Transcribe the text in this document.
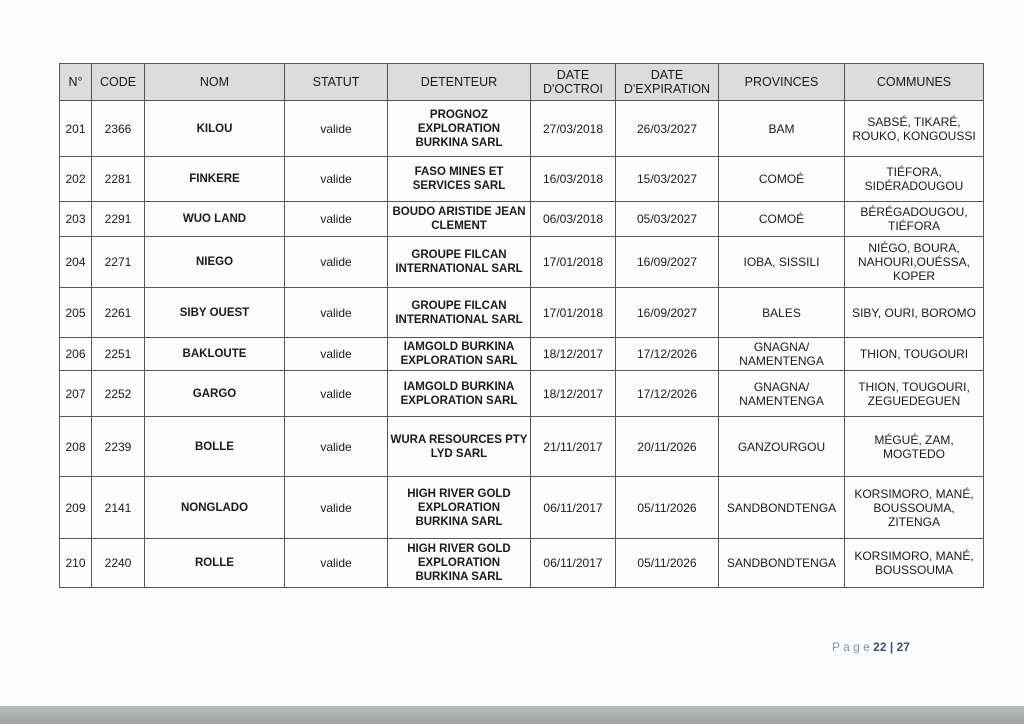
N°	CODE	NOM	STATUT	DETENTEUR	DATE D'OCTROI	DATE D'EXPIRATION	PROVINCES	COMMUNES
201	2366	KILOU	valide	PROGNOZ EXPLORATION BURKINA SARL	27/03/2018	26/03/2027	BAM	SABSÉ, TIKARÉ, ROUKO, KONGOUSSI
202	2281	FINKERE	valide	FASO MINES ET SERVICES SARL	16/03/2018	15/03/2027	COMOÉ	TIÉFORA, SIDÉRADOUGOU
203	2291	WUO LAND	valide	BOUDO ARISTIDE JEAN CLEMENT	06/03/2018	05/03/2027	COMOÉ	BÉRÉGADOUGOU, TIÉFORA
204	2271	NIEGO	valide	GROUPE FILCAN INTERNATIONAL SARL	17/01/2018	16/09/2027	IOBA, SISSILI	NIÉGO, BOURA, NAHOURI,OUÉSSA, KOPER
205	2261	SIBY OUEST	valide	GROUPE FILCAN INTERNATIONAL SARL	17/01/2018	16/09/2027	BALES	SIBY, OURI, BOROMO
206	2251	BAKLOUTE	valide	IAMGOLD BURKINA EXPLORATION SARL	18/12/2017	17/12/2026	GNAGNA/ NAMENTENGA	THION, TOUGOURI
207	2252	GARGO	valide	IAMGOLD BURKINA EXPLORATION SARL	18/12/2017	17/12/2026	GNAGNA/ NAMENTENGA	THION, TOUGOURI, ZEGUEDEGUEN
208	2239	BOLLE	valide	WURA RESOURCES PTY LYD SARL	21/11/2017	20/11/2026	GANZOURGOU	MÉGUÉ, ZAM, MOGTEDO
209	2141	NONGLADO	valide	HIGH RIVER GOLD EXPLORATION BURKINA SARL	06/11/2017	05/11/2026	SANDBONDTENGA	KORSIMORO, MANÉ, BOUSSOUMA, ZITENGA
210	2240	ROLLE	valide	HIGH RIVER GOLD EXPLORATION BURKINA SARL	06/11/2017	05/11/2026	SANDBONDTENGA	KORSIMORO, MANÉ, BOUSSOUMA
P a g e 22 | 27
